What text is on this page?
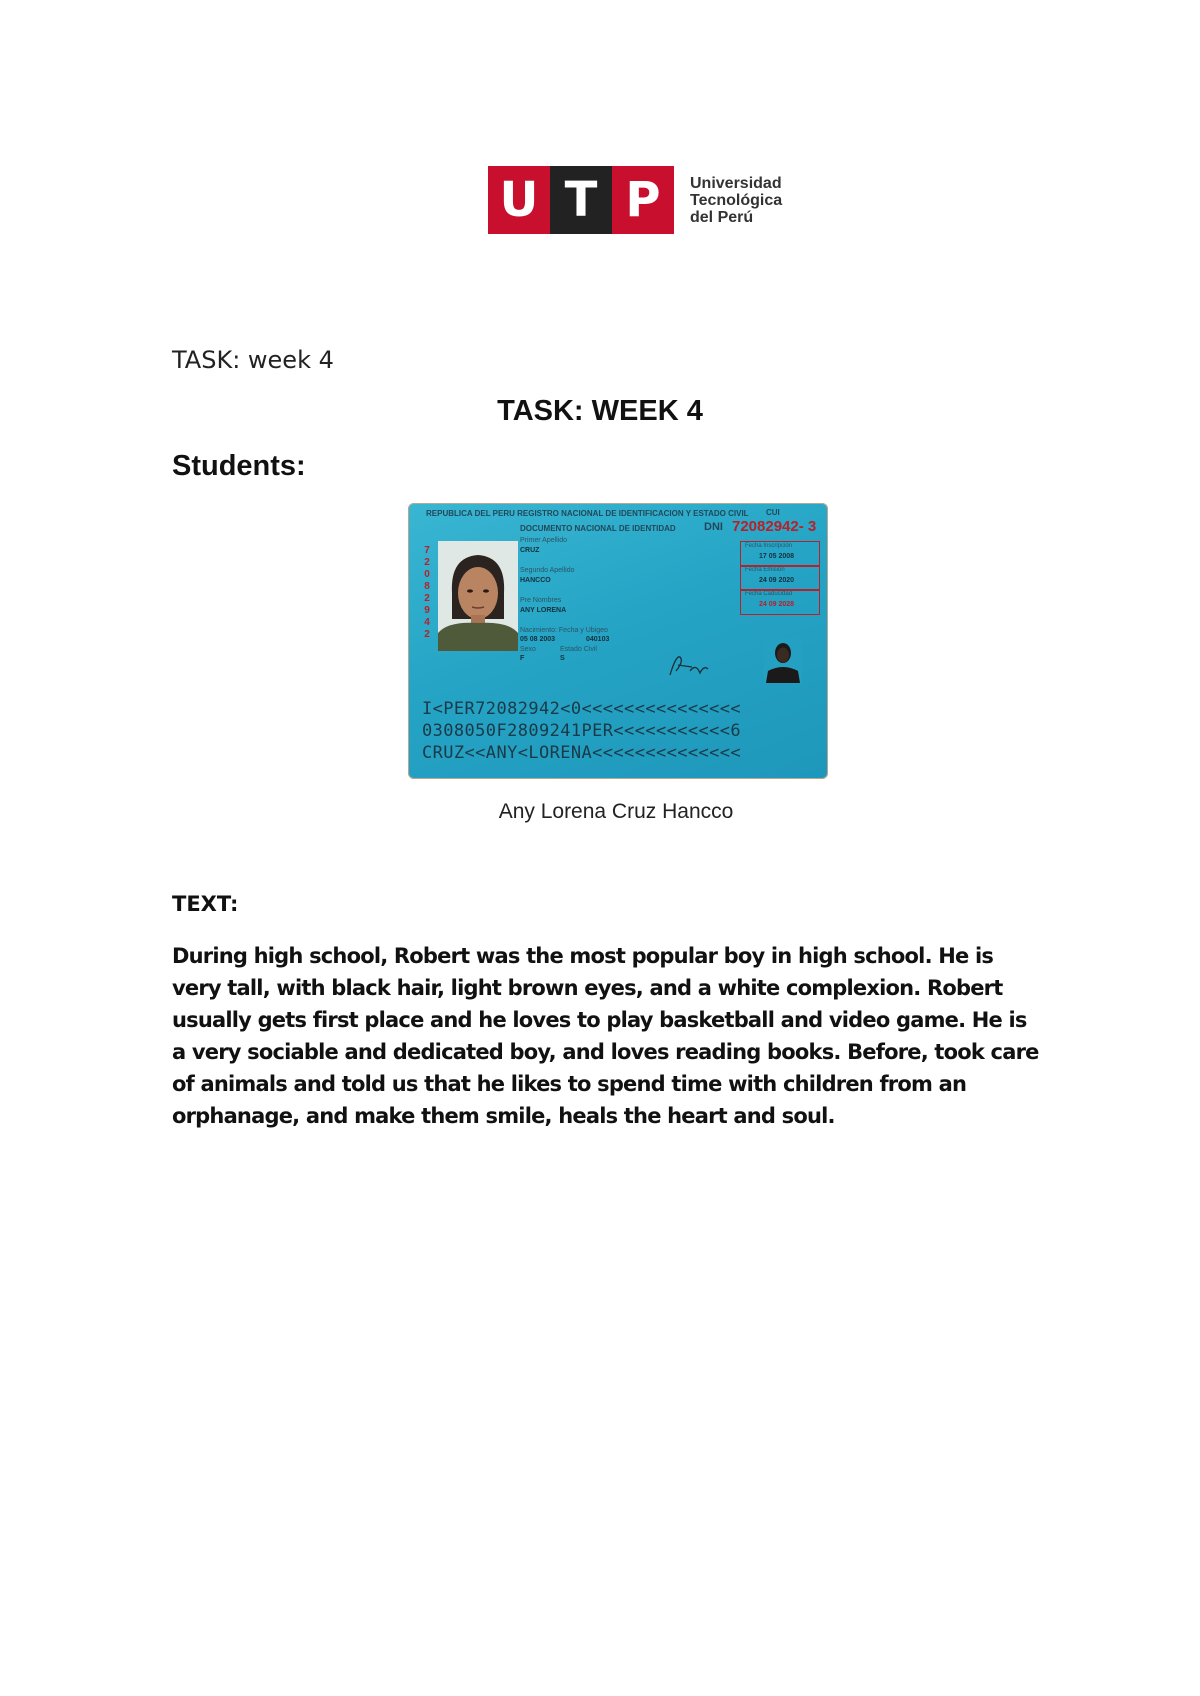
U T P	Universidad
Tecnológica
del Perú
TASK: week 4
TASK: WEEK 4
Students:
REPUBLICA DEL PERU REGISTRO NACIONAL DE IDENTIFICACION Y ESTADO CIVIL
DOCUMENTO NACIONAL DE IDENTIDAD
CUI
DNI 72082942- 3
72082942
Primer Apellido
CRUZ
Segundo Apellido
HANCCO
Pre Nombres
ANY LORENA
Nacimiento: Fecha y Ubigeo
05 08 2003	040103
Sexo
F
Estado Civil
S
Fecha Inscripción
17 05 2008
Fecha Emisión
24 09 2020
Fecha Caducidad
24 09 2028
I<PER72082942<0<<<<<<<<<<<<<<<
0308050F2809241PER<<<<<<<<<<<6
CRUZ<<ANY<LORENA<<<<<<<<<<<<<<
Any Lorena Cruz Hancco
TEXT:
During high school, Robert was the most popular boy in high school. He is very tall, with black hair, light brown eyes, and a white complexion. Robert usually gets first place and he loves to play basketball and video game. He is a very sociable and dedicated boy, and loves reading books. Before, took care of animals and told us that he likes to spend time with children from an orphanage, and make them smile, heals the heart and soul.
